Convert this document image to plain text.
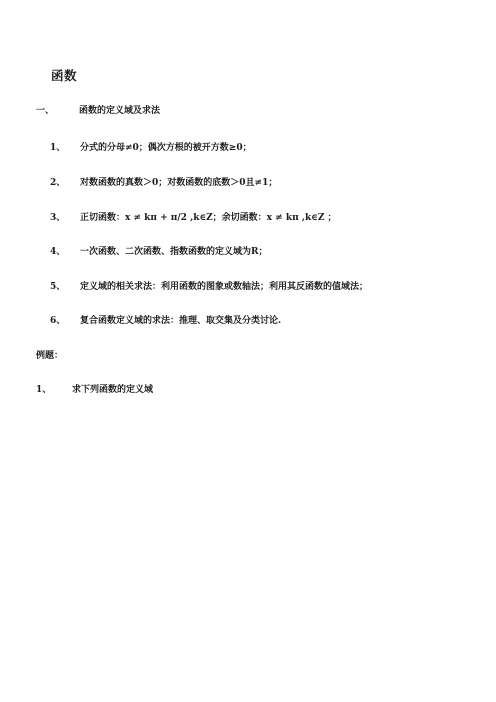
函数
一、	函数的定义域及求法
1、 分式的分母≠0；偶次方根的被开方数≥0；
2、 对数函数的真数＞0；对数函数的底数＞0且≠1；
3、 正切函数：x ≠ kπ + π/2 ,k∈Z；余切函数：x ≠ kπ ,k∈Z ；
4、 一次函数、二次函数、指数函数的定义域为R；
5、 定义域的相关求法：利用函数的图象或数轴法；利用其反函数的值域法；
6、 复合函数定义域的求法：推理、取交集及分类讨论.
例题：
1、 求下列函数的定义域
